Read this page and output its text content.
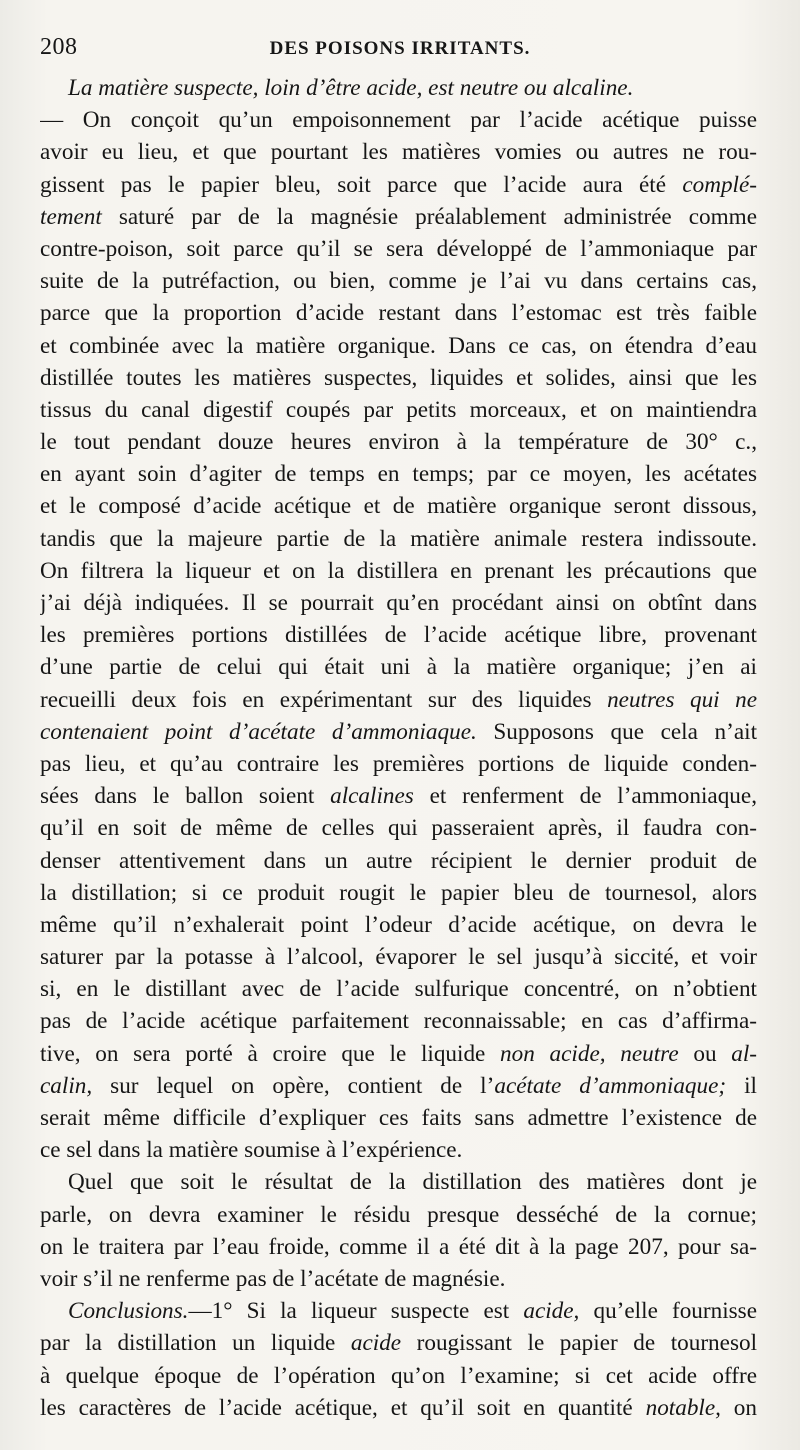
208	DES POISONS IRRITANTS.
La matière suspecte, loin d’être acide, est neutre ou alcaline.
— On conçoit qu’un empoisonnement par l’acide acétique puisse
avoir eu lieu, et que pourtant les matières vomies ou autres ne rou-
gissent pas le papier bleu, soit parce que l’acide aura été complé-
tement saturé par de la magnésie préalablement administrée comme
contre-poison, soit parce qu’il se sera développé de l’ammoniaque par
suite de la putréfaction, ou bien, comme je l’ai vu dans certains cas,
parce que la proportion d’acide restant dans l’estomac est très faible
et combinée avec la matière organique. Dans ce cas, on étendra d’eau
distillée toutes les matières suspectes, liquides et solides, ainsi que les
tissus du canal digestif coupés par petits morceaux, et on maintiendra
le tout pendant douze heures environ à la température de 30° c.,
en ayant soin d’agiter de temps en temps; par ce moyen, les acétates
et le composé d’acide acétique et de matière organique seront dissous,
tandis que la majeure partie de la matière animale restera indissoute.
On filtrera la liqueur et on la distillera en prenant les précautions que
j’ai déjà indiquées. Il se pourrait qu’en procédant ainsi on obtînt dans
les premières portions distillées de l’acide acétique libre, provenant
d’une partie de celui qui était uni à la matière organique; j’en ai
recueilli deux fois en expérimentant sur des liquides neutres qui ne
contenaient point d’acétate d’ammoniaque. Supposons que cela n’ait
pas lieu, et qu’au contraire les premières portions de liquide conden-
sées dans le ballon soient alcalines et renferment de l’ammoniaque,
qu’il en soit de même de celles qui passeraient après, il faudra con-
denser attentivement dans un autre récipient le dernier produit de
la distillation; si ce produit rougit le papier bleu de tournesol, alors
même qu’il n’exhalerait point l’odeur d’acide acétique, on devra le
saturer par la potasse à l’alcool, évaporer le sel jusqu’à siccité, et voir
si, en le distillant avec de l’acide sulfurique concentré, on n’obtient
pas de l’acide acétique parfaitement reconnaissable; en cas d’affirma-
tive, on sera porté à croire que le liquide non acide, neutre ou al-
calin, sur lequel on opère, contient de l’acétate d’ammoniaque; il
serait même difficile d’expliquer ces faits sans admettre l’existence de
ce sel dans la matière soumise à l’expérience.
Quel que soit le résultat de la distillation des matières dont je
parle, on devra examiner le résidu presque desséché de la cornue;
on le traitera par l’eau froide, comme il a été dit à la page 207, pour sa-
voir s’il ne renferme pas de l’acétate de magnésie.
Conclusions.—1° Si la liqueur suspecte est acide, qu’elle fournisse
par la distillation un liquide acide rougissant le papier de tournesol
à quelque époque de l’opération qu’on l’examine; si cet acide offre
les caractères de l’acide acétique, et qu’il soit en quantité notable, on
